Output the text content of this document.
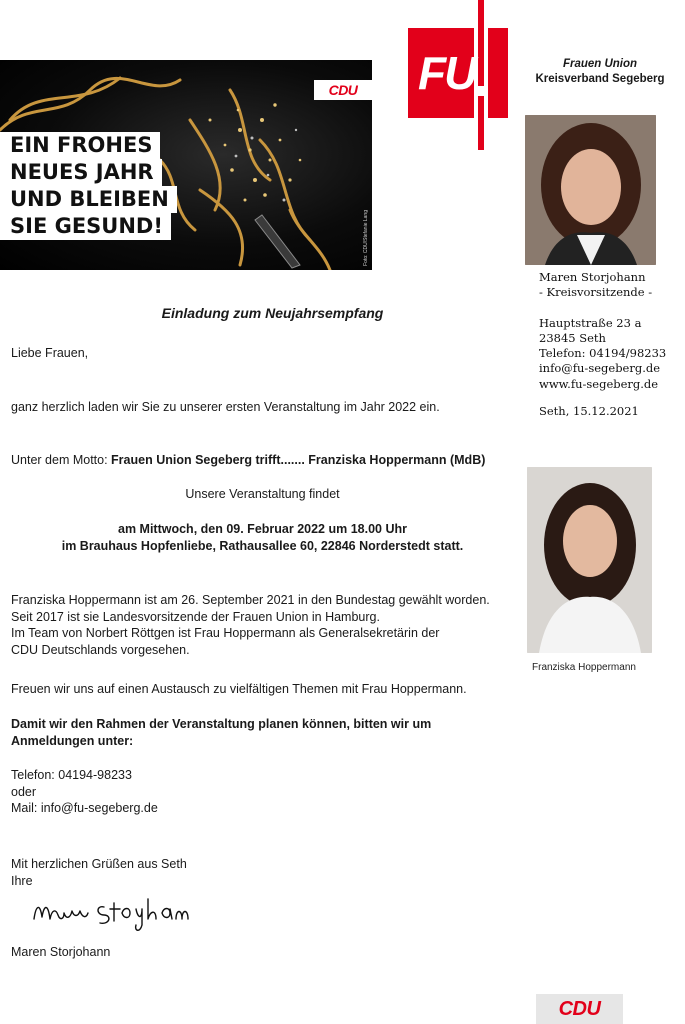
CDU
EIN FROHES
NEUES JAHR
UND BLEIBEN
SIE GESUND!	Foto: CDU/Stefanie Lang
FU	Frauen Union
Kreisverband Segeberg
Maren Storjohann
- Kreisvorsitzende -
Hauptstraße 23 a
23845 Seth
Telefon: 04194/98233
info@fu-segeberg.de
www.fu-segeberg.de
Seth, 15.12.2021
Franziska Hoppermann
Einladung zum Neujahrsempfang
Liebe Frauen,
ganz herzlich laden wir Sie zu unserer ersten Veranstaltung im Jahr 2022 ein.
Unter dem Motto: Frauen Union Segeberg trifft....... Franziska Hoppermann (MdB)
Unsere Veranstaltung findet
am Mittwoch, den 09. Februar 2022 um 18.00 Uhr
im Brauhaus Hopfenliebe, Rathausallee 60, 22846 Norderstedt statt.
Franziska Hoppermann ist am 26. September 2021 in den Bundestag gewählt worden.
Seit 2017 ist sie Landesvorsitzende der Frauen Union in Hamburg.
Im Team von Norbert Röttgen ist Frau Hoppermann als Generalsekretärin der
CDU Deutschlands vorgesehen.
Freuen wir uns auf einen Austausch zu vielfältigen Themen mit Frau Hoppermann.
Damit wir den Rahmen der Veranstaltung planen können, bitten wir um
Anmeldungen unter:
Telefon: 04194-98233
oder
Mail: info@fu-segeberg.de
Mit herzlichen Grüßen aus Seth
Ihre
Maren Storjohann
CDU
